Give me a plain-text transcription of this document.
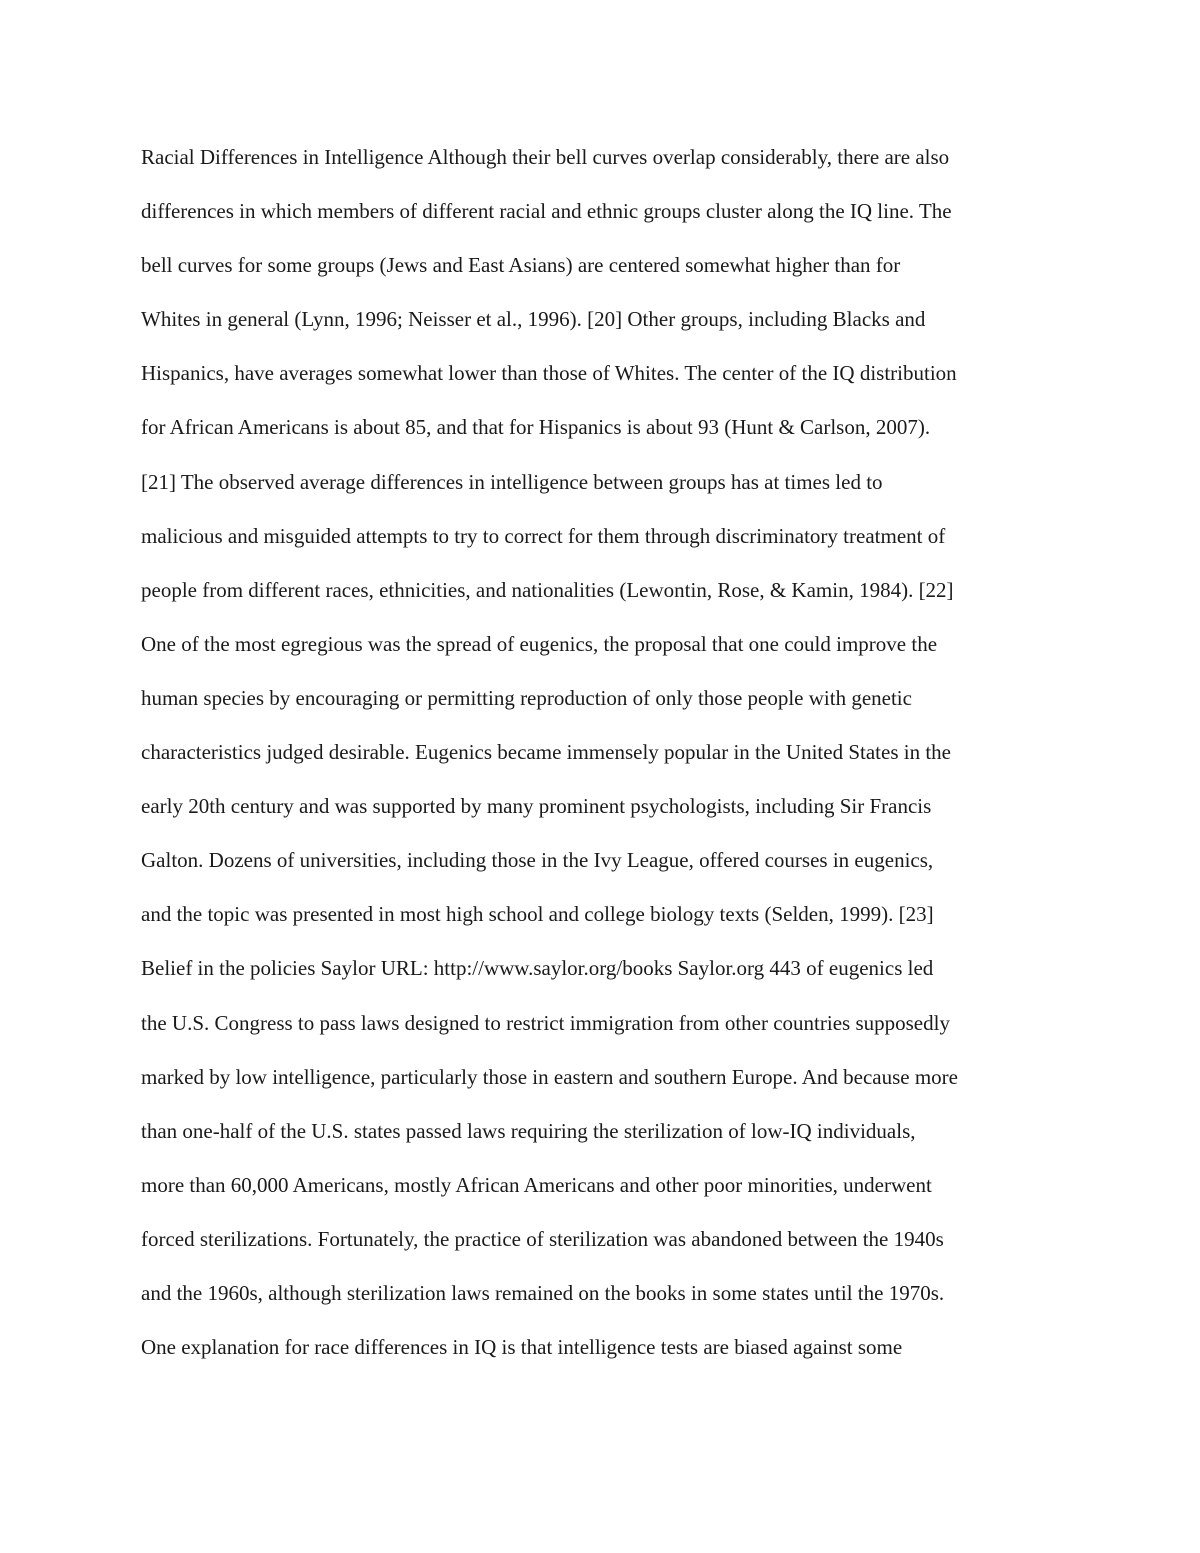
Racial Differences in Intelligence Although their bell curves overlap considerably, there are also
differences in which members of different racial and ethnic groups cluster along the IQ line. The
bell curves for some groups (Jews and East Asians) are centered somewhat higher than for
Whites in general (Lynn, 1996; Neisser et al., 1996). [20] Other groups, including Blacks and
Hispanics, have averages somewhat lower than those of Whites. The center of the IQ distribution
for African Americans is about 85, and that for Hispanics is about 93 (Hunt & Carlson, 2007).
[21] The observed average differences in intelligence between groups has at times led to
malicious and misguided attempts to try to correct for them through discriminatory treatment of
people from different races, ethnicities, and nationalities (Lewontin, Rose, & Kamin, 1984). [22]
One of the most egregious was the spread of eugenics, the proposal that one could improve the
human species by encouraging or permitting reproduction of only those people with genetic
characteristics judged desirable. Eugenics became immensely popular in the United States in the
early 20th century and was supported by many prominent psychologists, including Sir Francis
Galton. Dozens of universities, including those in the Ivy League, offered courses in eugenics,
and the topic was presented in most high school and college biology texts (Selden, 1999). [23]
Belief in the policies Saylor URL: http://www.saylor.org/books Saylor.org 443 of eugenics led
the U.S. Congress to pass laws designed to restrict immigration from other countries supposedly
marked by low intelligence, particularly those in eastern and southern Europe. And because more
than one-half of the U.S. states passed laws requiring the sterilization of low-IQ individuals,
more than 60,000 Americans, mostly African Americans and other poor minorities, underwent
forced sterilizations. Fortunately, the practice of sterilization was abandoned between the 1940s
and the 1960s, although sterilization laws remained on the books in some states until the 1970s.
One explanation for race differences in IQ is that intelligence tests are biased against some
